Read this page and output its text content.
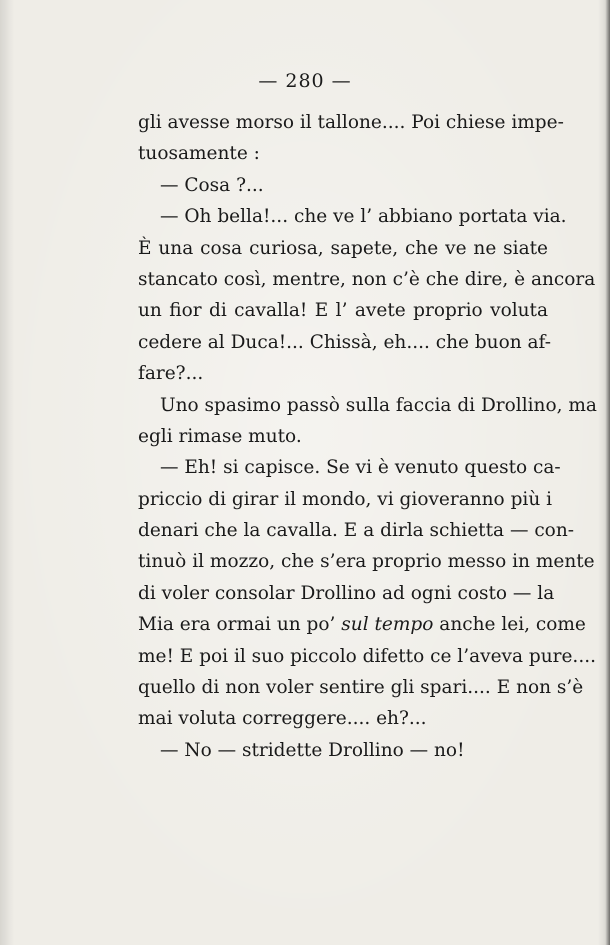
— 280 —
gli avesse morso il tallone.... Poi chiese impe-
tuosamente :
— Cosa ?...
— Oh bella!... che ve l’ abbiano portata via.
È una cosa curiosa, sapete, che ve ne siate
stancato così, mentre, non c’è che dire, è ancora
un fior di cavalla! E l’ avete proprio voluta
cedere al Duca!... Chissà, eh.... che buon af-
fare?...
Uno spasimo passò sulla faccia di Drollino, ma
egli rimase muto.
— Eh! si capisce. Se vi è venuto questo ca-
priccio di girar il mondo, vi gioveranno più i
denari che la cavalla. E a dirla schietta — con-
tinuò il mozzo, che s’era proprio messo in mente
di voler consolar Drollino ad ogni costo — la
Mia era ormai un po’ sul tempo anche lei, come
me! E poi il suo piccolo difetto ce l’aveva pure....
quello di non voler sentire gli spari.... E non s’è
mai voluta correggere.... eh?...
— No — stridette Drollino — no!
